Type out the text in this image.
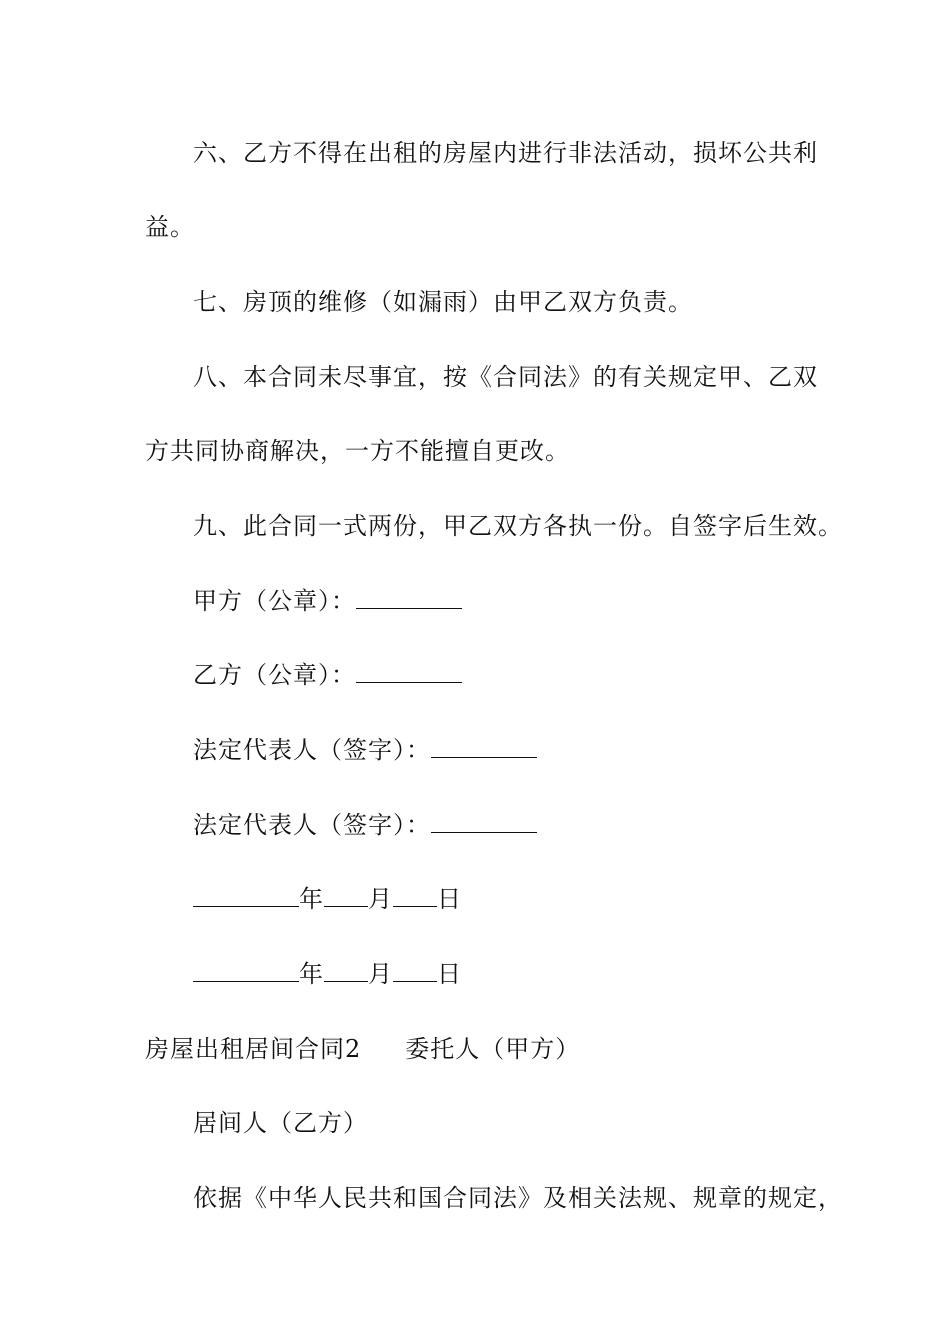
六、乙方不得在出租的房屋内进行非法活动，损坏公共利
益。
七、房顶的维修（如漏雨）由甲乙双方负责。
八、本合同未尽事宜，按《合同法》的有关规定甲、乙双
方共同协商解决，一方不能擅自更改。
九、此合同一式两份，甲乙双方各执一份。自签字后生效。
甲方（公章）：
乙方（公章）：
法定代表人（签字）：
法定代表人（签字）：
年 月 日
年 月 日
房屋出租居间合同2 委托人（甲方）
居间人（乙方）
依据《中华人民共和国合同法》及相关法规、规章的规定，
